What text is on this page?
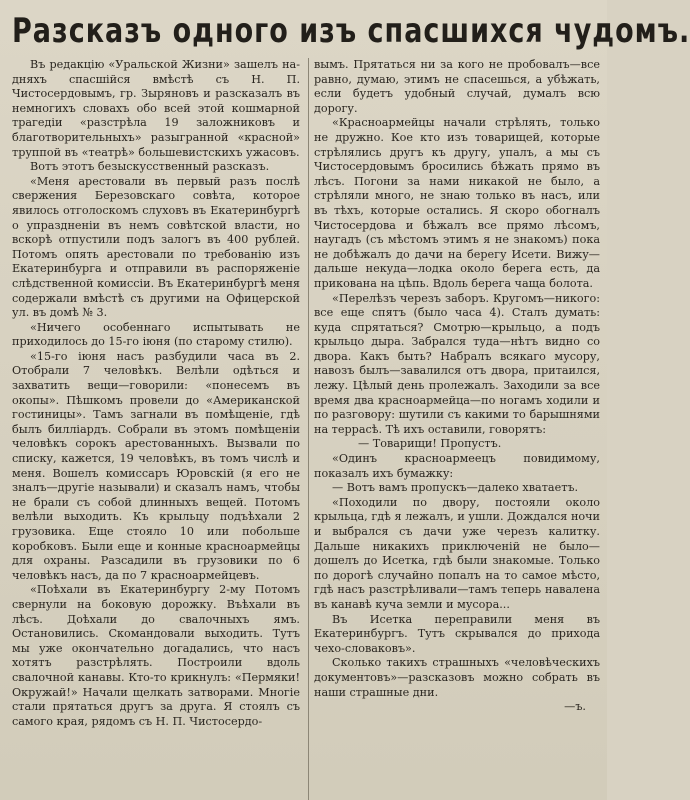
Разсказъ одного изъ спасшихся чудомъ.

Въ редакцію «Уральской Жизни» зашелъ на-дняхъ спасшійся вмѣстѣ съ Н. П. Чистосердовымъ, гр. Зыряновъ и разсказалъ въ немногихъ словахъ обо всей этой кошмарной трагедіи «разстрѣла 19 заложниковъ и благотворительныхъ» разыгранной «красной» труппой въ «театрѣ» большевистскихъ ужасовъ.

Вотъ этотъ безыскусственный разсказъ.

«Меня арестовали въ первый разъ послѣ свержения Березовскаго совѣта, которое явилось отголоскомъ слуховъ въ Екатеринбургѣ о упраздненіи въ немъ совѣтской власти, но вскорѣ отпустили подъ залогъ въ 400 рублей. Потомъ опять арестовали по требованію изъ Екатеринбурга и отправили въ распоряженіе слѣдственной комиссіи. Въ Екатеринбургѣ меня содержали вмѣстѣ съ другими на Офицерской ул. въ домѣ № 3.

«Ничего особеннаго испытывать не приходилось до 15-го іюня (по старому стилю).

«15-го іюня насъ разбудили часа въ 2. Отобрали 7 человѣкъ. Велѣли одѣться и захватить вещи—говорили: «понесемъ въ окопы». Пѣшкомъ провели до «Американской гостиницы». Тамъ загнали въ помѣщеніе, гдѣ былъ билліардъ. Собрали въ этомъ помѣщеніи человѣкъ сорокъ арестованныхъ. Вызвали по списку, кажется, 19 человѣкъ, въ томъ числѣ и меня. Вошелъ комиссаръ Юровскій (я его не зналъ—другіе называли) и сказалъ намъ, чтобы не брали съ собой длинныхъ вещей. Потомъ велѣли выходить. Къ крыльцу подъѣхали 2 грузовика. Еще стояло 10 или побольше коробковъ. Были еще и конные красноармейцы для охраны. Разсадили въ грузовики по 6 человѣкъ насъ, да по 7 красноармейцевъ.

«Поѣхали въ Екатеринбургу 2-му Потомъ свернули на боковую дорожку. Въѣхали въ лѣсъ. Доѣхали до свалочныхъ ямъ. Остановились. Скомандовали выходить. Тутъ мы уже окончательно догадались, что насъ хотятъ разстрѣлять. Построили вдоль свалочной канавы. Кто-то крикнулъ: «Пермяки! Окружай!» Начали щелкать затворами. Многіе стали прятаться другъ за друга. Я стоялъ съ самого края, рядомъ съ Н. П. Чистосердо-

вымъ. Прятаться ни за кого не пробовалъ—все равно, думаю, этимъ не спасешься, а убѣжать, если будетъ удобный случай, думалъ всю дорогу.

«Красноармейцы начали стрѣлять, только не дружно. Кое кто изъ товарищей, которые стрѣлялись другъ къ другу, упалъ, а мы съ Чистосердовымъ бросились бѣжать прямо въ лѣсъ. Погони за нами никакой не было, а стрѣляли много, не знаю только въ насъ, или въ тѣхъ, которые остались. Я скоро обогналъ Чистосердова и бѣжалъ все прямо лѣсомъ, наугадъ (съ мѣстомъ этимъ я не знакомъ) пока не добѣжалъ до дачи на берегу Исети. Вижу—дальше некуда—лодка около берега есть, да прикована на цѣпь. Вдоль берега чаща болота.

«Перелѣзъ черезъ заборъ. Кругомъ—никого: все еще спятъ (было часа 4). Сталъ думать: куда спрятаться? Смотрю—крыльцо, а подъ крыльцо дыра. Забрался туда—нѣтъ видно со двора. Какъ быть? Набралъ всякаго мусору, навозъ былъ—завалился отъ двора, притаился, лежу. Цѣлый день пролежалъ. Заходили за все время два красноармейца—по ногамъ ходили и по разговору: шутили съ какими то барышнями на террасѣ. Тѣ ихъ оставили, говорятъ:

— Товарищи! Пропустъ.

«Одинъ красноармеецъ повидимому, показалъ ихъ бумажку:

— Вотъ вамъ пропускъ—далеко хватаетъ.

«Походили по двору, постояли около крыльца, гдѣ я лежалъ, и ушли. Дождался ночи и выбрался съ дачи уже черезъ калитку. Дальше никакихъ приключеній не было—дошелъ до Исетка, гдѣ были знакомые. Только по дорогѣ случайно попалъ на то самое мѣсто, гдѣ насъ разстрѣливали—тамъ теперь навалена въ канавѣ куча земли и мусора...

Въ Исетка переправили меня въ Екатеринбургъ. Тутъ скрывался до прихода чехо-словаковъ».

Сколько такихъ страшныхъ «человѣческихъ документовъ»—разсказовъ можно собрать въ наши страшные дни.

—ъ.
